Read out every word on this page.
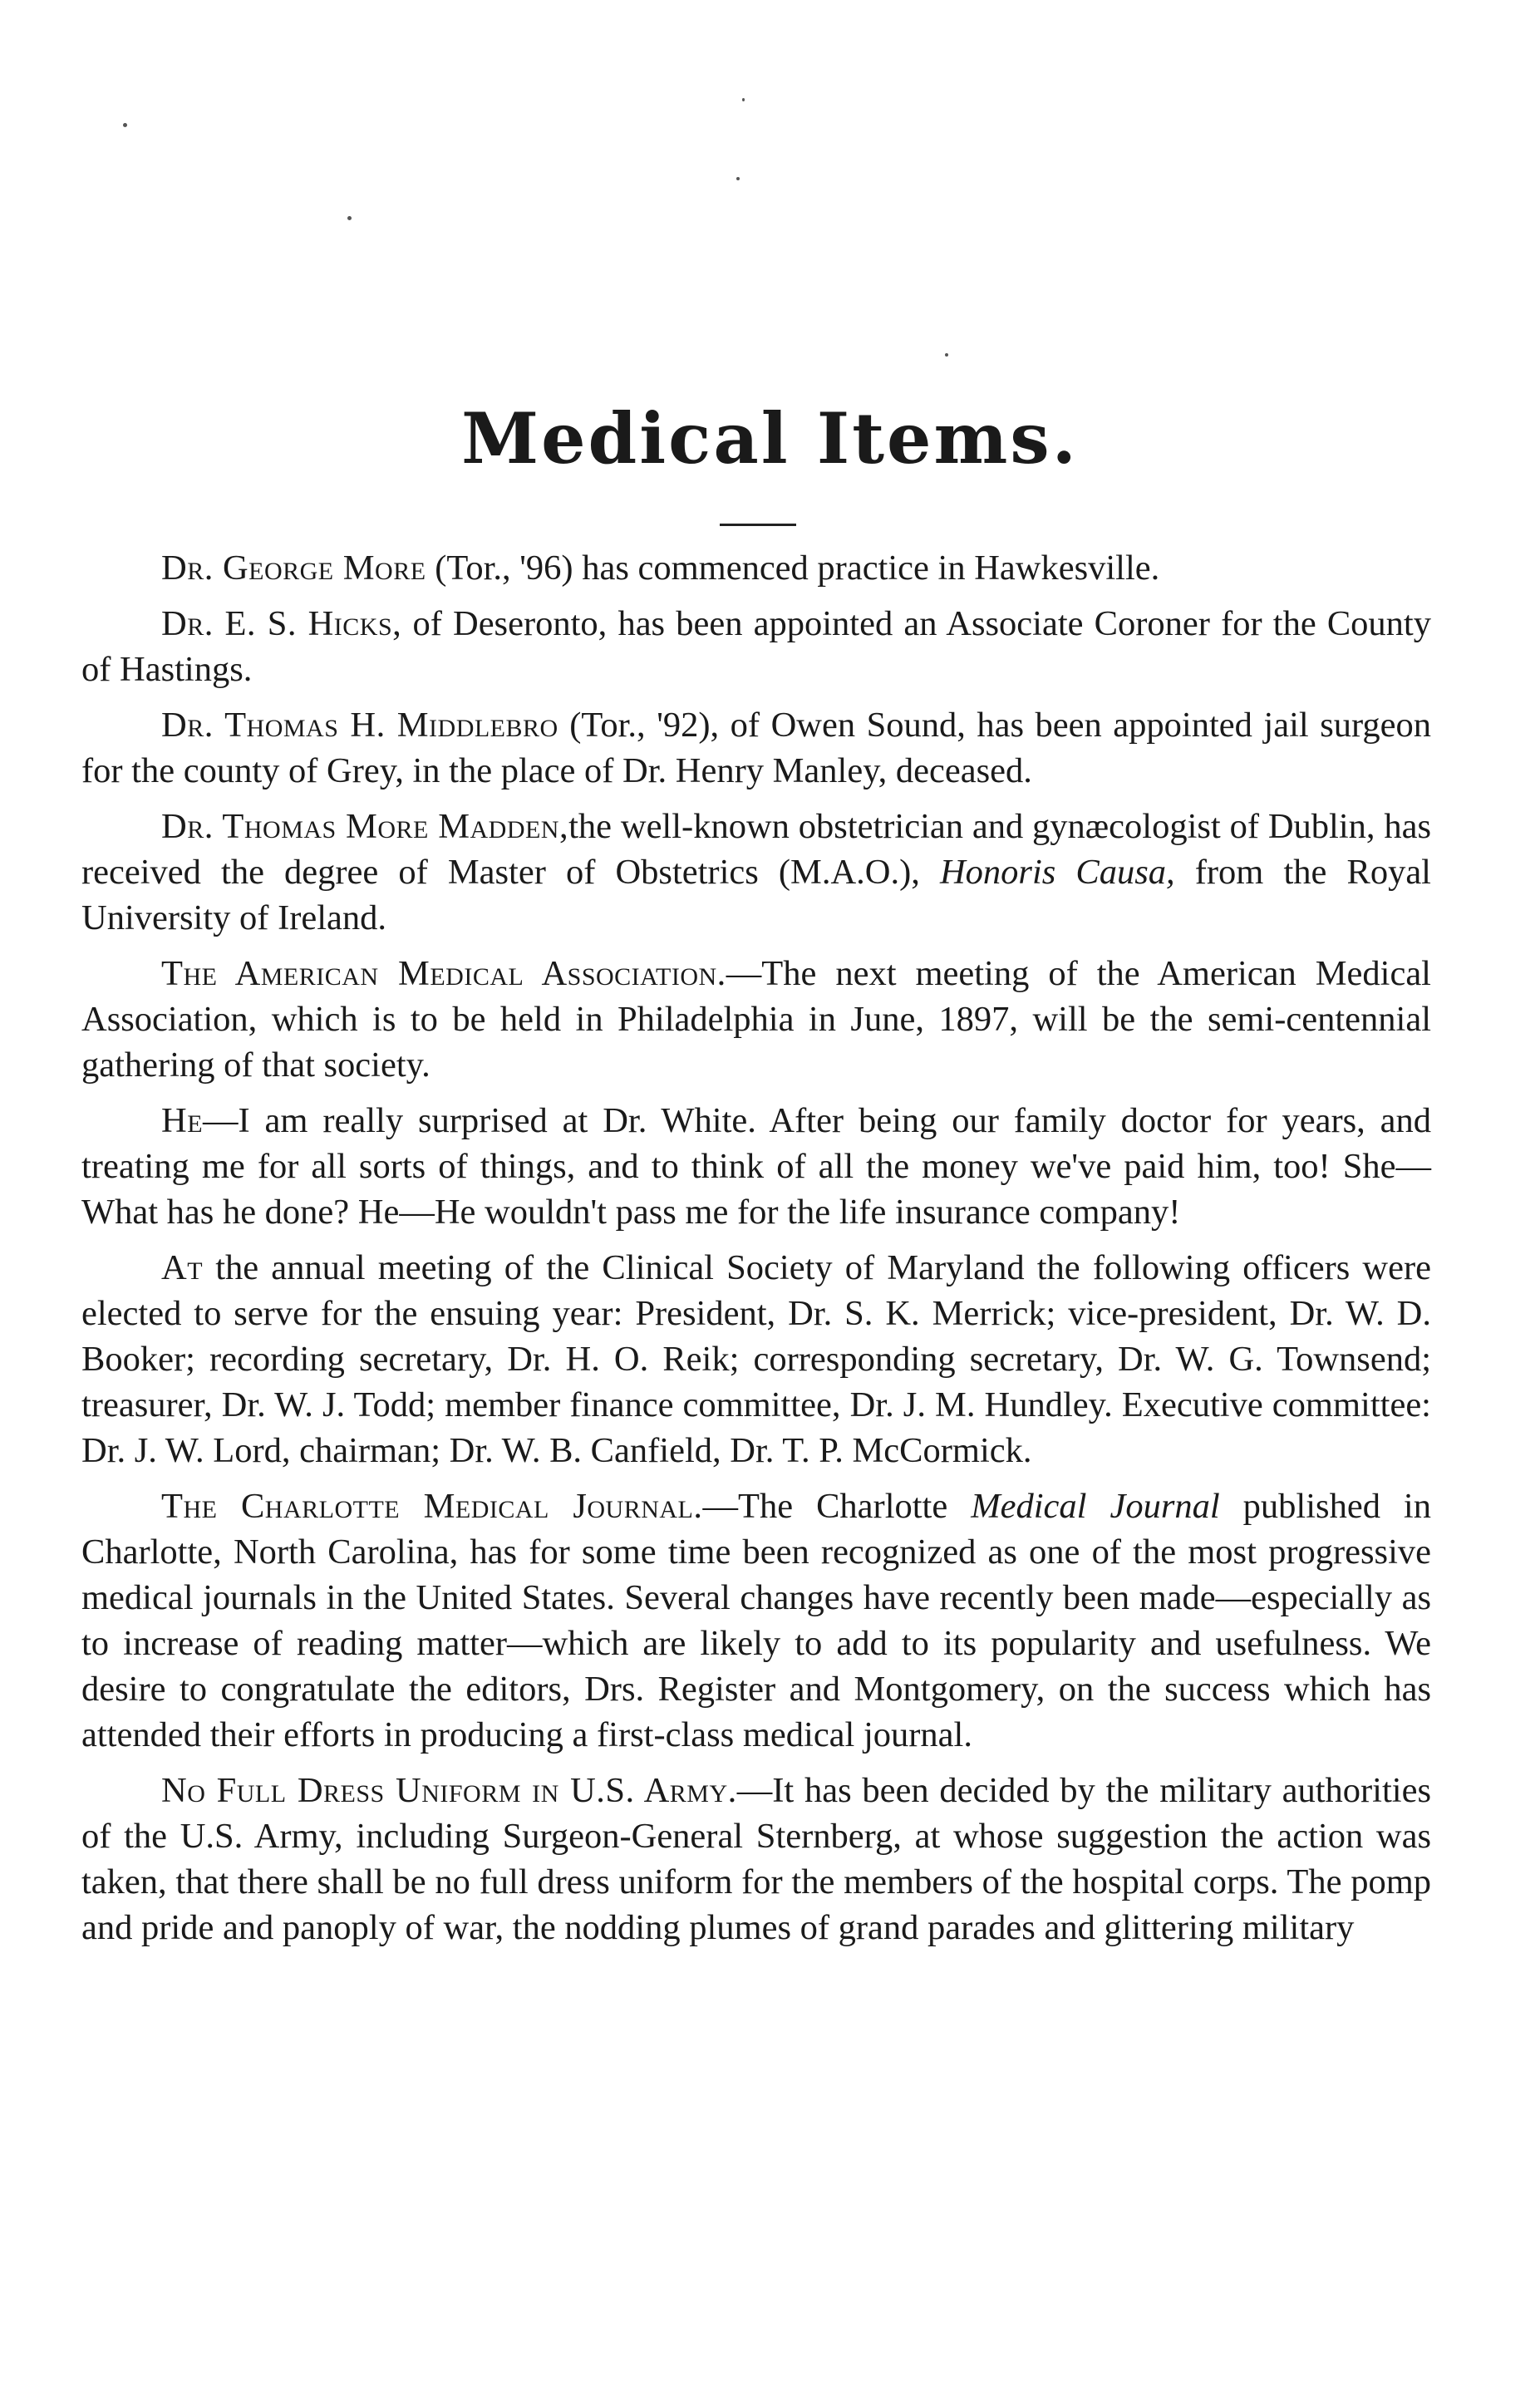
Medical Items.

Dr. George More (Tor., '96) has commenced practice in Hawkesville.

Dr. E. S. Hicks, of Deseronto, has been appointed an Associate Coroner for the County of Hastings.

Dr. Thomas H. Middlebro (Tor., '92), of Owen Sound, has been appointed jail surgeon for the county of Grey, in the place of Dr. Henry Manley, deceased.

Dr. Thomas More Madden,the well-known obstetrician and gynæcologist of Dublin, has received the degree of Master of Obstetrics (M.A.O.), Honoris Causa, from the Royal University of Ireland.

The American Medical Association.—The next meeting of the American Medical Association, which is to be held in Philadelphia in June, 1897, will be the semi-centennial gathering of that society.

He—I am really surprised at Dr. White. After being our family doctor for years, and treating me for all sorts of things, and to think of all the money we've paid him, too! She—What has he done? He—He wouldn't pass me for the life insurance company!

At the annual meeting of the Clinical Society of Maryland the following officers were elected to serve for the ensuing year: President, Dr. S. K. Merrick; vice-president, Dr. W. D. Booker; recording secretary, Dr. H. O. Reik; corresponding secretary, Dr. W. G. Townsend; treasurer, Dr. W. J. Todd; member finance committee, Dr. J. M. Hundley. Executive committee: Dr. J. W. Lord, chairman; Dr. W. B. Canfield, Dr. T. P. McCormick.

The Charlotte Medical Journal.—The Charlotte Medical Journal published in Charlotte, North Carolina, has for some time been recognized as one of the most progressive medical journals in the United States. Several changes have recently been made—especially as to increase of reading matter—which are likely to add to its popularity and usefulness. We desire to congratulate the editors, Drs. Register and Montgomery, on the success which has attended their efforts in producing a first-class medical journal.

No Full Dress Uniform in U.S. Army.—It has been decided by the military authorities of the U.S. Army, including Surgeon-General Sternberg, at whose suggestion the action was taken, that there shall be no full dress uniform for the members of the hospital corps. The pomp and pride and panoply of war, the nodding plumes of grand parades and glittering military
